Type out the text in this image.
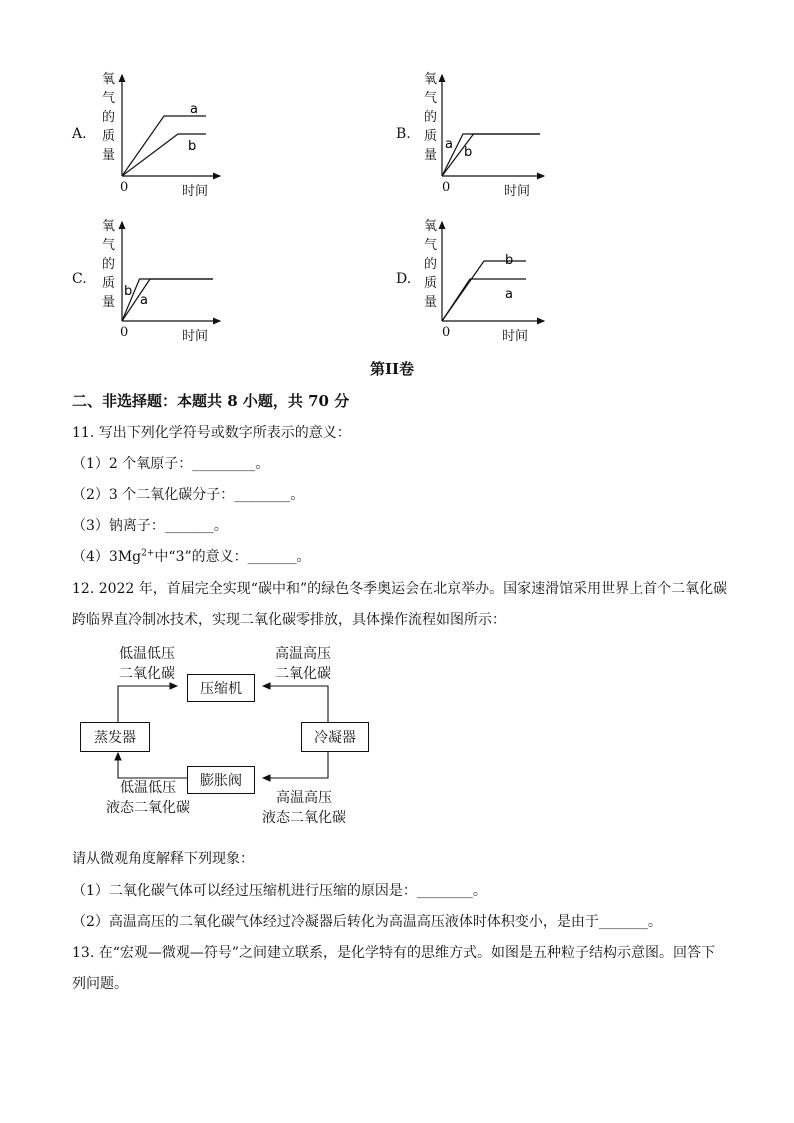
A.
氧
气
的
质
量
a
b
0	时间
B.
氧
气
的
质
量
a
b
0	时间
C.
氧
气
的
质
量
b
a
0	时间
D.
氧
气
的
质
量
b
a
0	时间
第II卷
二、非选择题：本题共 8 小题，共 70 分
11. 写出下列化学符号或数字所表示的意义：
（1）2 个氧原子：_________。
（2）3 个二氧化碳分子：________。
（3）钠离子：_______。
$(4)3Mg^{2+}$中“3”的意义：_______。
12. 2022 年，首届完全实现“碳中和”的绿色冬季奥运会在北京举办。国家速滑馆采用世界上首个二氧化碳
跨临界直冷制冰技术，实现二氧化碳零排放，具体操作流程如图所示：
压缩机
蒸发器	冷凝器
膨胀阀
低温低压
二氧化碳
高温高压
二氧化碳
低温低压
液态二氧化碳
高温高压
液态二氧化碳
请从微观角度解释下列现象：
（1）二氧化碳气体可以经过压缩机进行压缩的原因是：________。
（2）高温高压的二氧化碳气体经过冷凝器后转化为高温高压液体时体积变小，是由于_______。
13. 在“宏观—微观—符号”之间建立联系，是化学特有的思维方式。如图是五种粒子结构示意图。回答下
列问题。
